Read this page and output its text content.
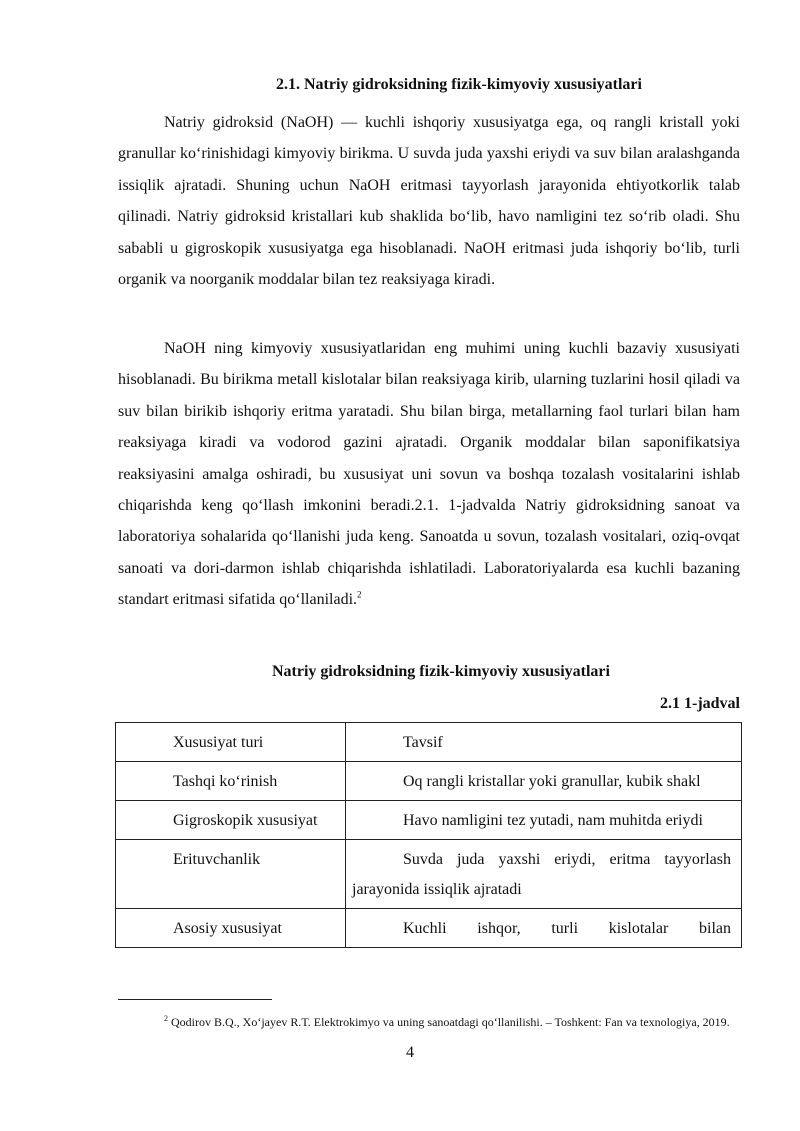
2.1. Natriy gidroksidning fizik-kimyoviy xususiyatlari

Natriy gidroksid (NaOH) — kuchli ishqoriy xususiyatga ega, oq rangli kristall yoki granullar ko‘rinishidagi kimyoviy birikma. U suvda juda yaxshi eriydi va suv bilan aralashganda issiqlik ajratadi. Shuning uchun NaOH eritmasi tayyorlash jarayonida ehtiyotkorlik talab qilinadi. Natriy gidroksid kristallari kub shaklida bo‘lib, havo namligini tez so‘rib oladi. Shu sababli u gigroskopik xususiyatga ega hisoblanadi. NaOH eritmasi juda ishqoriy bo‘lib, turli organik va noorganik moddalar bilan tez reaksiyaga kiradi.

NaOH ning kimyoviy xususiyatlaridan eng muhimi uning kuchli bazaviy xususiyati hisoblanadi. Bu birikma metall kislotalar bilan reaksiyaga kirib, ularning tuzlarini hosil qiladi va suv bilan birikib ishqoriy eritma yaratadi. Shu bilan birga, metallarning faol turlari bilan ham reaksiyaga kiradi va vodorod gazini ajratadi. Organik moddalar bilan saponifikatsiya reaksiyasini amalga oshiradi, bu xususiyat uni sovun va boshqa tozalash vositalarini ishlab chiqarishda keng qo‘llash imkonini beradi.2.1. 1-jadvalda Natriy gidroksidning sanoat va laboratoriya sohalarida qo‘llanishi juda keng. Sanoatda u sovun, tozalash vositalari, oziq-ovqat sanoati va dori-darmon ishlab chiqarishda ishlatiladi. Laboratoriyalarda esa kuchli bazaning standart eritmasi sifatida qo‘llaniladi.$^2$

Natriy gidroksidning fizik-kimyoviy xususiyatlari
2.1 1-jadval
Xususiyat turi	Tavsif
Tashqi ko‘rinish	Oq rangli kristallar yoki granullar, kubik shakl
Gigroskopik xususiyat	Havo namligini tez yutadi, nam muhitda eriydi
Erituvchanlik	Suvda juda yaxshi eriydi, eritma tayyorlash jarayonida issiqlik ajratadi
Asosiy xususiyat	Kuchli ishqor, turli kislotalar bilan
$^2$ Qodirov B.Q., Xo‘jayev R.T. Elektrokimyo va uning sanoatdagi qo‘llanilishi. – Toshkent: Fan va texnologiya, 2019.
4
